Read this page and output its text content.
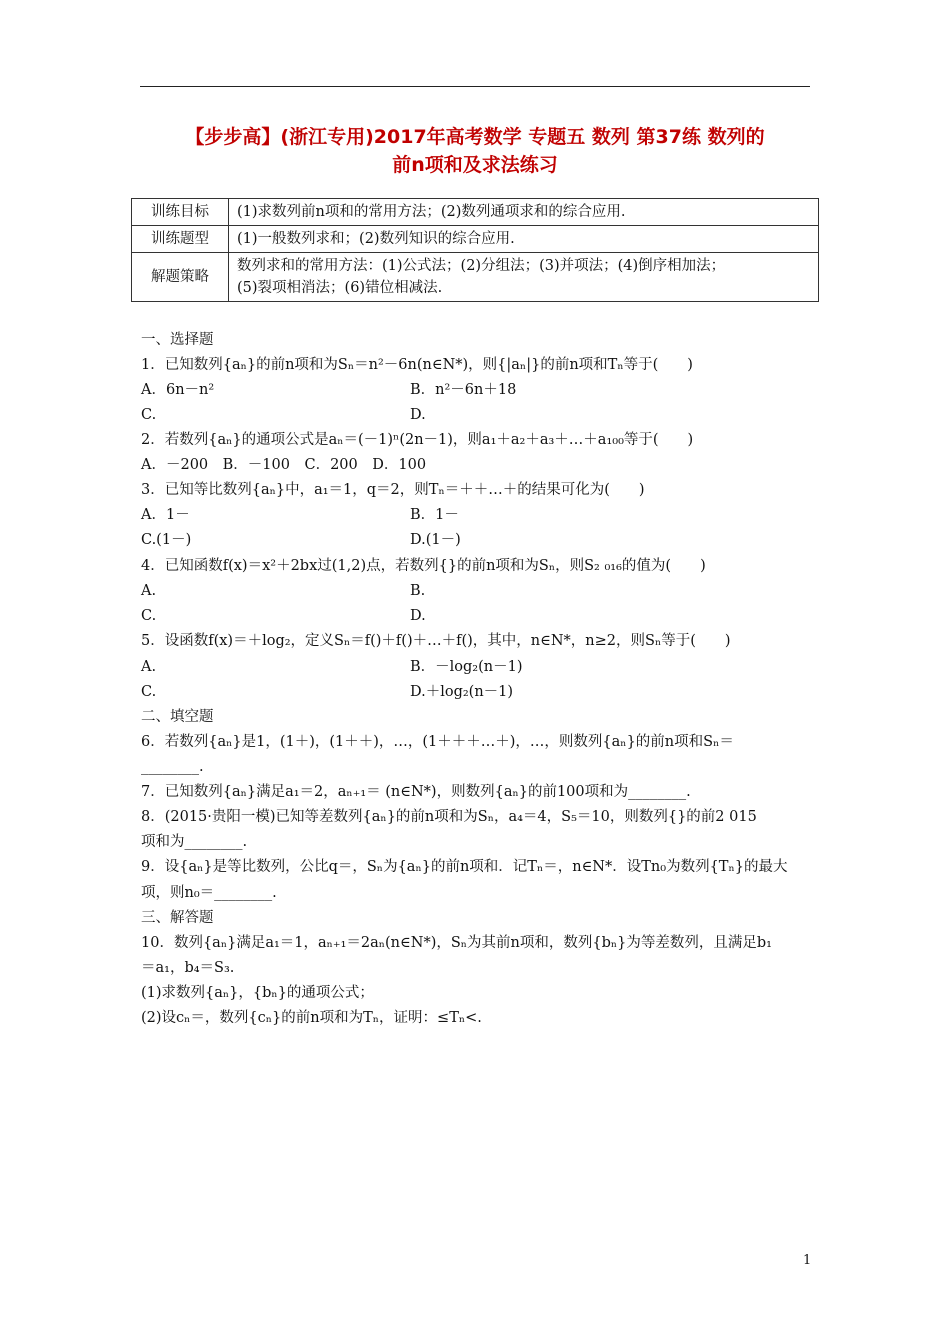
【步步高】(浙江专用)2017年高考数学 专题五 数列 第37练 数列的
前n项和及求法练习
训练目标	(1)求数列前n项和的常用方法；(2)数列通项求和的综合应用.
训练题型	(1)一般数列求和；(2)数列知识的综合应用.
解题策略	数列求和的常用方法：(1)公式法；(2)分组法；(3)并项法；(4)倒序相加法；
(5)裂项相消法；(6)错位相减法.
一、选择题
1．已知数列{aₙ}的前n项和为Sₙ＝n²－6n(n∈N*)，则{|aₙ|}的前n项和Tₙ等于(　　)
A．6n－n²	B．n²－6n＋18
C.	D.
2．若数列{aₙ}的通项公式是aₙ＝(－1)ⁿ(2n－1)，则a₁＋a₂＋a₃＋…＋a₁₀₀等于(　　)
A．－200　B．－100　C．200　D．100
3．已知等比数列{aₙ}中，a₁＝1，q＝2，则Tₙ＝＋＋…＋的结果可化为(　　)
A．1－	B．1－
C.(1－)	D.(1－)
4．已知函数f(x)＝x²＋2bx过(1,2)点，若数列{}的前n项和为Sₙ，则S₂ ₀₁₆的值为(　　)
A.	B.
C.	D.
5．设函数f(x)＝＋log₂，定义Sₙ＝f()＋f()＋…＋f()，其中，n∈N*，n≥2，则Sₙ等于(　　)
A.	B．－log₂(n－1)
C.	D.＋log₂(n－1)
二、填空题
6．若数列{aₙ}是1，(1＋)，(1＋＋)，…，(1＋＋＋…＋)，…，则数列{aₙ}的前n项和Sₙ＝
________.
7．已知数列{aₙ}满足a₁＝2，aₙ₊₁＝ (n∈N*)，则数列{aₙ}的前100项和为________.
8．(2015·贵阳一模)已知等差数列{aₙ}的前n项和为Sₙ，a₄＝4，S₅＝10，则数列{}的前2 015
项和为________.
9．设{aₙ}是等比数列，公比q＝，Sₙ为{aₙ}的前n项和．记Tₙ＝，n∈N*．设Tn₀为数列{Tₙ}的最大
项，则n₀＝________.
三、解答题
10．数列{aₙ}满足a₁＝1，aₙ₊₁＝2aₙ(n∈N*)，Sₙ为其前n项和，数列{bₙ}为等差数列，且满足b₁
＝a₁，b₄＝S₃.
(1)求数列{aₙ}，{bₙ}的通项公式；
(2)设cₙ＝，数列{cₙ}的前n项和为Tₙ，证明：≤Tₙ<.
1
